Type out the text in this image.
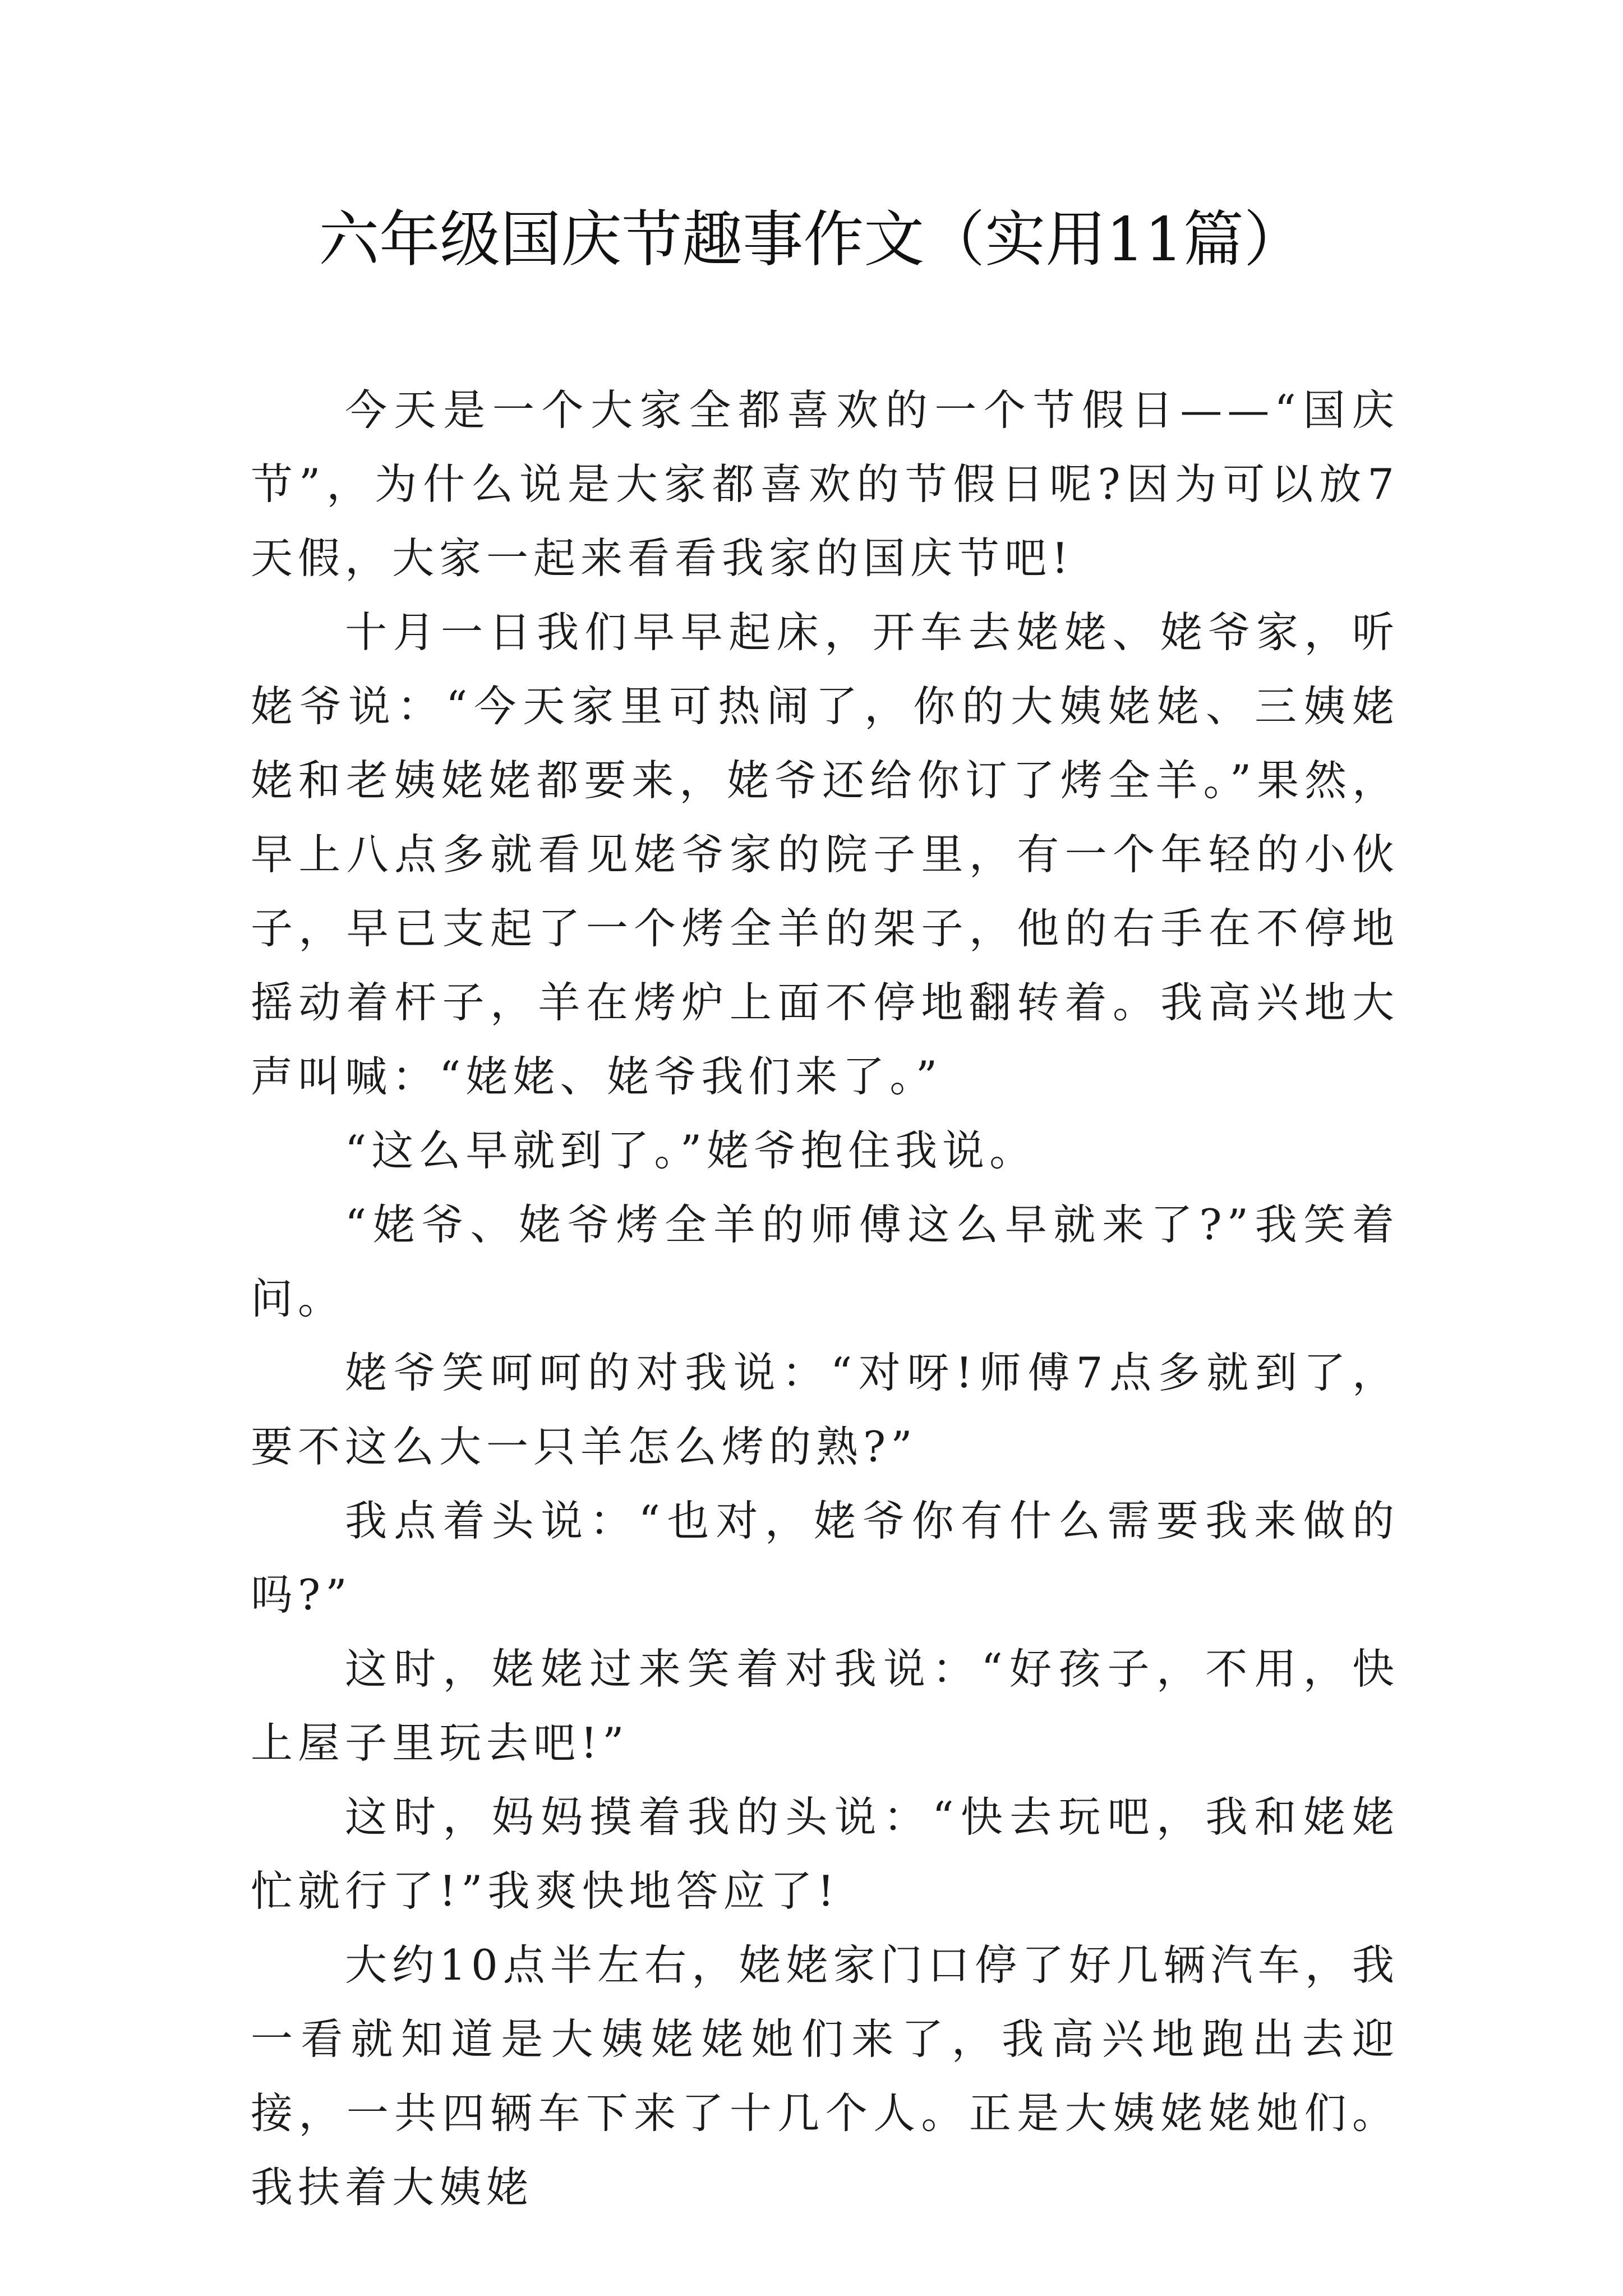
六年级国庆节趣事作文（实用11篇）

今天是一个大家全都喜欢的一个节假日——“国庆节”，为什么说是大家都喜欢的节假日呢?因为可以放7天假，大家一起来看看我家的国庆节吧!

十月一日我们早早起床，开车去姥姥、姥爷家，听姥爷说：“今天家里可热闹了，你的大姨姥姥、三姨姥姥和老姨姥姥都要来，姥爷还给你订了烤全羊。”果然，早上八点多就看见姥爷家的院子里，有一个年轻的小伙子，早已支起了一个烤全羊的架子，他的右手在不停地摇动着杆子，羊在烤炉上面不停地翻转着。我高兴地大声叫喊：“姥姥、姥爷我们来了。”

“这么早就到了。”姥爷抱住我说。

“姥爷、姥爷烤全羊的师傅这么早就来了?”我笑着问。

姥爷笑呵呵的对我说：“对呀!师傅7点多就到了，要不这么大一只羊怎么烤的熟?”

我点着头说：“也对，姥爷你有什么需要我来做的吗?”

这时，姥姥过来笑着对我说：“好孩子，不用，快上屋子里玩去吧!”

这时，妈妈摸着我的头说：“快去玩吧，我和姥姥忙就行了!”我爽快地答应了!

大约10点半左右，姥姥家门口停了好几辆汽车，我一看就知道是大姨姥姥她们来了，我高兴地跑出去迎接，一共四辆车下来了十几个人。正是大姨姥姥她们。我扶着大姨姥
